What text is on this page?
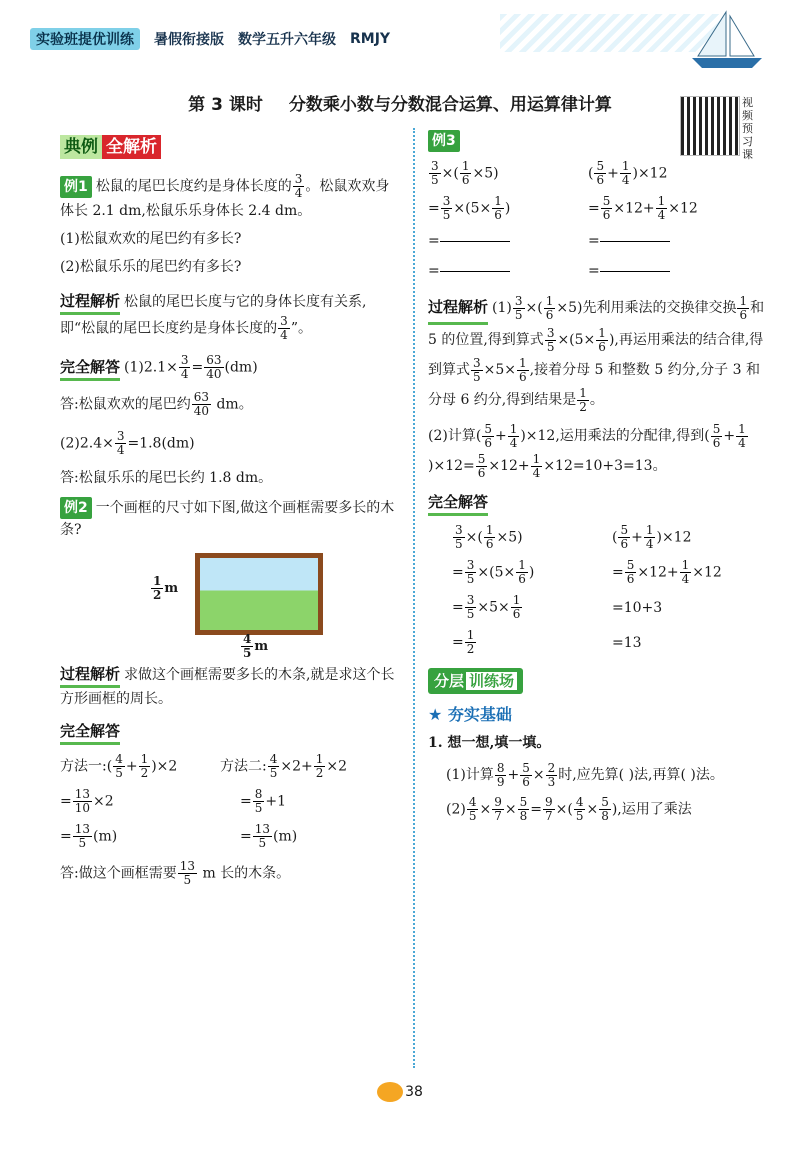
实验班提优训练	暑假衔接版 数学五升六年级 RMJY
第 3 课时 分数乘小数与分数混合运算、用运算律计算	视频预习课
典例 全解析
例1 松鼠的尾巴长度约是身体长度的 $\frac{3}{4}$ 。松鼠欢欢身体长 2.1 dm,松鼠乐乐身体长 2.4 dm。
(1)松鼠欢欢的尾巴约有多长?
(2)松鼠乐乐的尾巴约有多长?
过程解析 松鼠的尾巴长度与它的身体长度有关系,即“松鼠的尾巴长度约是身体长度的 $\frac{3}{4}$ ”。
完全解答 $(1)2.1\times \frac{3}{4} = \frac{63}{40} (dm)$
答:松鼠欢欢的尾巴约 $\frac{63}{40}$ dm。
$(2)2.4\times \frac{3}{4} =1.8(dm)$
答:松鼠乐乐的尾巴长约 1.8 dm。
例2 一个画框的尺寸如下图,做这个画框需要多长的木条?
$\frac{1}{2}$ m
$\frac{4}{5}$ m
过程解析 求做这个画框需要多长的木条,就是求这个长方形画框的周长。
完全解答
方法一:( $\frac{4}{5} + \frac{1}{2} )\times 2$	方法二: $\frac{4}{5} \times 2+ \frac{1}{2} \times 2$
= $\frac{13}{10} \times 2$	= $\frac{8}{5} +1$
= $\frac{13}{5} (m)$	= $\frac{13}{5} (m)$
答:做这个画框需要 $\frac{13}{5}$ m 长的木条。
例3
$\frac{3}{5}$ ×( $\frac{1}{6} \times 5$)	( $\frac{5}{6} + \frac{1}{4} )\times 12$
= $\frac{3}{5} \times(5\times \frac{1}{6}$ )	= $\frac{5}{6} \times 12+ \frac{1}{4} \times 12$
=	=
=	=
过程解析 $(1) \frac{3}{5}$ ×( $\frac{1}{6} \times 5$)先利用乘法的交换律交换 $\frac{1}{6}$ 和 5 的位置,得到算式 $\frac{3}{5} \times(5\times \frac{1}{6}$ ),再运用乘法的结合律,得到算式 $\frac{3}{5} \times 5\times \frac{1}{6}$ ,接着分母 5 和整数 5 约分,分子 3 和分母 6 约分,得到结果是 $\frac{1}{2}$ 。
(2)计算( $\frac{5}{6} + \frac{1}{4} )\times 12$,运用乘法的分配律,得到( $\frac{5}{6} + \frac{1}{4}$
)$\times 12= \frac{5}{6} \times 12+ \frac{1}{4} \times 12=10+3=13$。
完全解答
$\frac{3}{5}$ ×( $\frac{1}{6} \times 5$)	( $\frac{5}{6} + \frac{1}{4} )\times 12$
= $\frac{3}{5} \times(5\times \frac{1}{6}$ )	= $\frac{5}{6} \times 12+ \frac{1}{4} \times 12$
= $\frac{3}{5} \times 5\times \frac{1}{6}$	=10+3
= $\frac{1}{2}$	=13
分层 训练场
★ 夯实基础
1. 想一想,填一填。
(1)计算 $\frac{8}{9} + \frac{5}{6} \times \frac{2}{3}$ 时,应先算( )法,再算( )法。
$(2) \frac{4}{5} \times \frac{9}{7} \times \frac{5}{8} = \frac{9}{7}$ ×( $\frac{4}{5} \times \frac{5}{8}$ ),运用了乘法
38
